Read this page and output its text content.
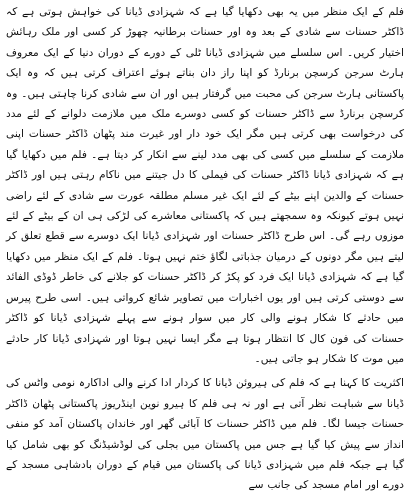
فلم کے ایک منظر میں یہ بھی دکھایا گیا ہے کہ شہزادی ڈیانا کی خواہش ہوتی ہے کہ ڈاکٹر حسنات سے شادی کے بعد وہ اور حسنات برطانیہ چھوڑ کر کسی اور ملک رہائش اختیار کریں۔ اس سلسلے میں شہزادی ڈیانا ٹلی کے دورے کے دوران دنیا کے ایک معروف ہارٹ سرجن کرسچن برنارڈ کو اپنا راز دان بناتے ہوئے اعتراف کرتی ہیں کہ وہ ایک پاکستانی ہارٹ سرجن کی محبت میں گرفتار ہیں اور ان سے شادی کرنا چاہتی ہیں۔ وہ کرسچن برنارڈ سے ڈاکٹر حسنات کو کسی دوسرے ملک میں ملازمت دلوانے کے لئے مدد کی درخواست بھی کرتی ہیں مگر ایک خود دار اور غیرت مند پٹھان ڈاکٹر حسنات اپنی ملازمت کے سلسلے میں کسی کی بھی مدد لینے سے انکار کر دیتا ہے۔ فلم میں دکھایا گیا ہے کہ شہزادی ڈیانا ڈاکٹر حسنات کی فیملی کا دل جیتنے میں ناکام رہتی ہیں اور ڈاکٹر حسنات کے والدین اپنے بیٹے کے لئے ایک غیر مسلم مطلقہ عورت سے شادی کے لئے راضی نہیں ہوتے کیونکہ وہ سمجھتے ہیں کہ پاکستانی معاشرے کی لڑکی ہی ان کے بیٹے کے لئے موزوں رہے گی۔ اس طرح ڈاکٹر حسنات اور شہزادی ڈیانا ایک دوسرے سے قطع تعلق کر لیتے ہیں مگر دونوں کے درمیان جذباتی لگاؤ ختم نہیں ہوتا۔ فلم کے ایک منظر میں دکھایا گیا ہے کہ شہزادی ڈیانا ایک فرد کو پکڑ کر ڈاکٹر حسنات کو جلانے کی خاطر ڈوڈی الفائد سے دوستی کرتی ہیں اور یوں اخبارات میں تصاویر شائع کرواتی ہیں۔ اسی طرح پیرس میں حادثے کا شکار ہونے والی کار میں سوار ہونے سے پہلے شہزادی ڈیانا کو ڈاکٹر حسنات کی فون کال کا انتظار ہوتا ہے مگر ایسا نہیں ہوتا اور شہزادی ڈیانا کار حادثے میں موت کا شکار ہو جاتی ہیں۔

اکثریت کا کہنا ہے کہ فلم کی ہیروئن ڈیانا کا کردار ادا کرنے والی اداکارہ نومی واٹس کی ڈیانا سے شباہت نظر آتی ہے اور نہ ہی فلم کا ہیرو نوین اینڈریوز پاکستانی پٹھان ڈاکٹر حسنات جیسا لگا۔ فلم میں ڈاکٹر حسنات کا آبائی گھر اور خاندان پاکستان آمد کو منفی انداز سے پیش کیا گیا ہے جس میں پاکستان میں بجلی کی لوڈشیڈنگ کو بھی شامل کیا گیا ہے جبکہ فلم میں شہزادی ڈیانا کی پاکستان میں قیام کے دوران بادشاہی مسجد کے دورے اور امام مسجد کی جانب سے
